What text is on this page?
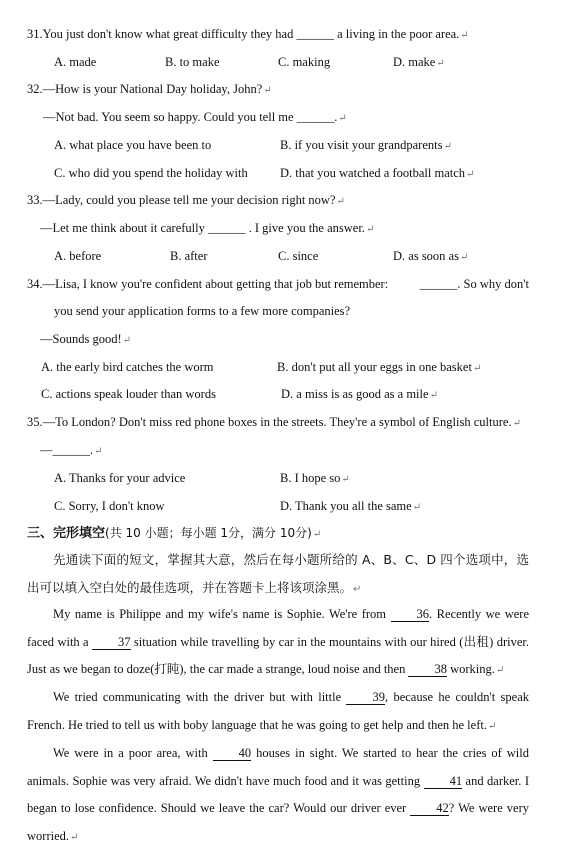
31.You just don't know what great difficulty they had ______ a living in the poor area.↵
A. made	B. to make	C. making	D. make↵
32.—How is your National Day holiday, John?↵
—Not bad. You seem so happy. Could you tell me ______.↵
A. what place you have been to	B. if you visit your grandparents↵
C. who did you spend the holiday with	D. that you watched a football match↵
33.—Lady, could you please tell me your decision right now?↵
—Let me think about it carefully ______ . I give you the answer.↵
A. before	B. after	C. since	D. as soon as↵
34.—Lisa, I know you're confident about getting that job but remember:	______. So why don't
you send your application forms to a few more companies?
—Sounds good!↵
A. the early bird catches the worm	B. don't put all your eggs in one basket↵
C. actions speak louder than words	D. a miss is as good as a mile↵
35.—To London? Don't miss red phone boxes in the streets. They're a symbol of English culture.↵
—______.↵
A. Thanks for your advice	B. I hope so↵
C. Sorry, I don't know	D. Thank you all the same↵
三、完形填空(共 10 小题；每小题 1分，满分 10分)↵
先通读下面的短文，掌握其大意，然后在每小题所给的 A、B、C、D 四个选项中，选出可以填入空白处的最佳选项，并在答题卡上将该项涂黑。↵
My name is Philippe and my wife's name is Sophie. We're from 36. Recently we were faced with a 37 situation while travelling by car in the mountains with our hired (出租) driver. Just as we began to doze(打盹), the car made a strange, loud noise and then 38 working.↵
We tried communicating with the driver but with little	39, because he couldn't speak French. He tried to tell us with boby language that he was going to get help and then he left.↵
We were in a poor area, with 40 houses in sight. We started to hear the cries of wild animals. Sophie was very afraid. We didn't have much food and it was getting 41 and darker. I began to lose confidence. Should we leave the car? Would our driver ever 42? We were very worried.↵
